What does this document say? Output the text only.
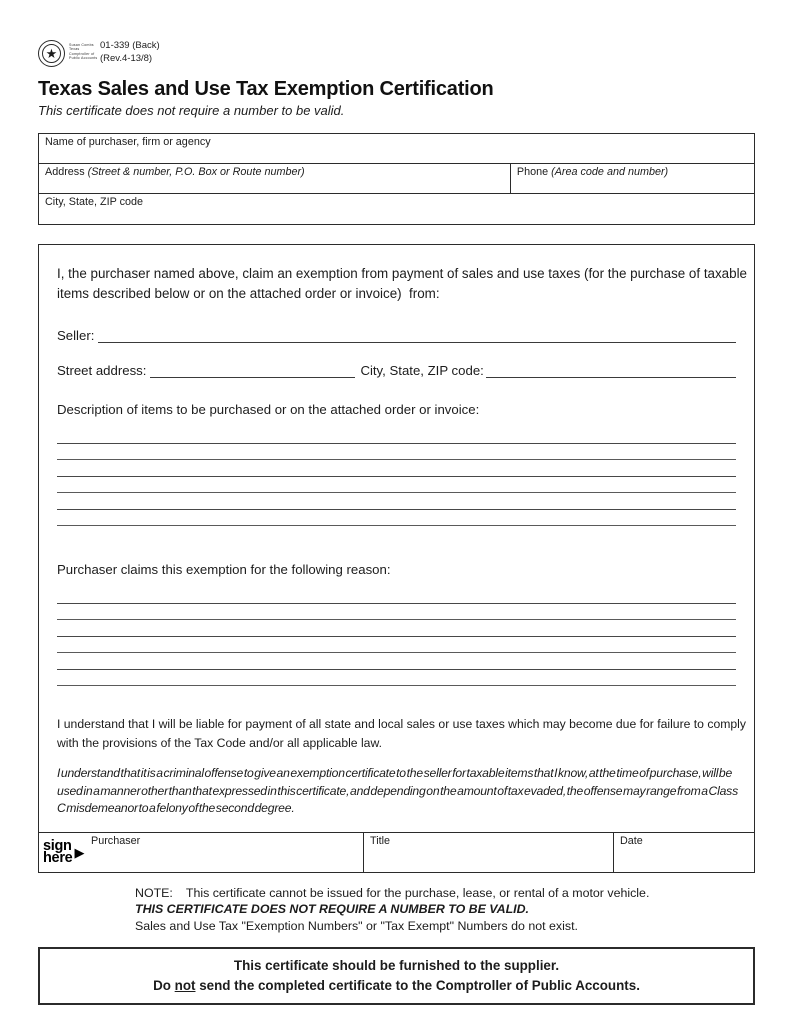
★
Susan Combs
Texas
Comptroller of
Public Accounts
01-339 (Back)
(Rev.4-13/8)
Texas Sales and Use Tax Exemption Certification
This certificate does not require a number to be valid.
Name of purchaser, firm or agency
Address (Street & number, P.O. Box or Route number)	Phone (Area code and number)
City, State, ZIP code
I, the purchaser named above, claim an exemption from payment of sales and use taxes (for the purchase of taxable items described below or on the attached order or invoice)  from:
Seller:
Street address:	City, State, ZIP code:
Description of items to be purchased or on the attached order or invoice:
Purchaser claims this exemption for the following reason:
I understand that I will be liable for payment of all state and local sales or use taxes which may become due for failure to comply with the provisions of the Tax Code and/or all applicable law.
I understand that it is a criminal offense to give an exemption certificate to the seller for taxable items that I know, at the time of purchase, will be used in a manner other than that expressed in this certificate, and depending on the amount of tax evaded, the offense may range from a Class C misdemeanor to a felony of the second degree.
sign
here ▶
Purchaser	Title	Date
NOTE: This certificate cannot be issued for the purchase, lease, or rental of a motor vehicle.
THIS CERTIFICATE DOES NOT REQUIRE A NUMBER TO BE VALID.
Sales and Use Tax "Exemption Numbers" or "Tax Exempt" Numbers do not exist.
This certificate should be furnished to the supplier.
Do not send the completed certificate to the Comptroller of Public Accounts.
